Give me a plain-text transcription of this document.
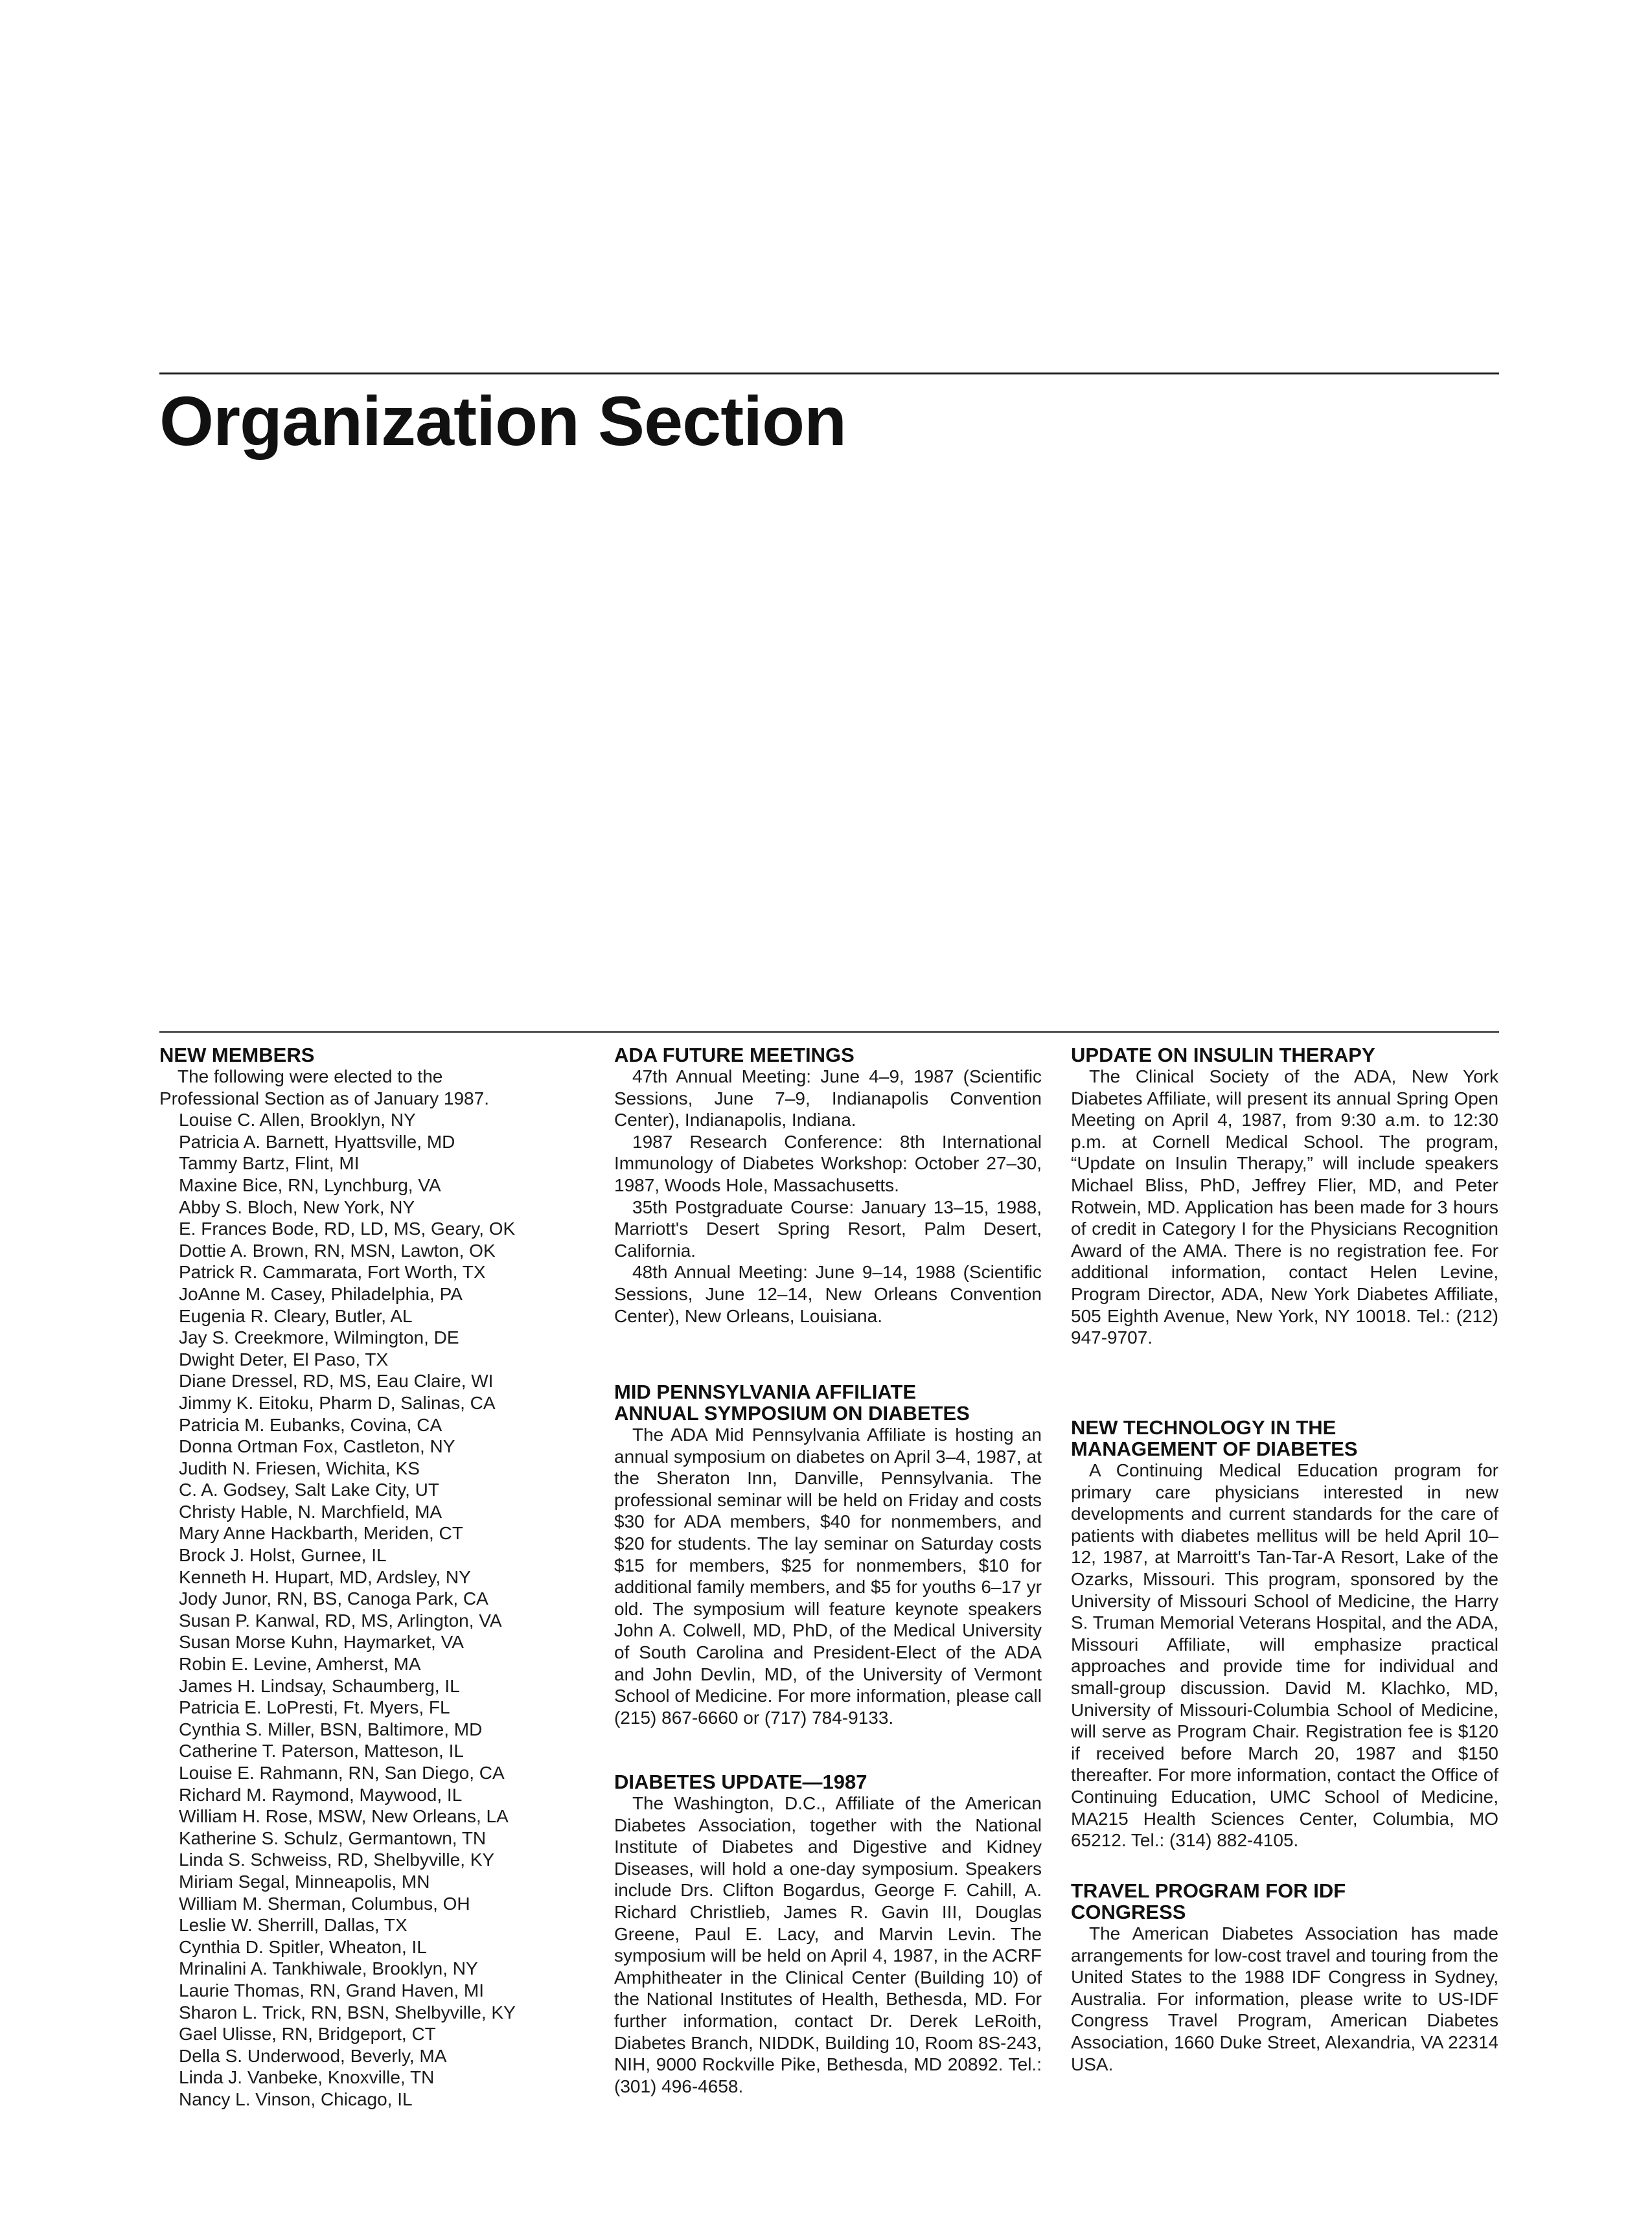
Organization Section
NEW MEMBERS

The following were elected to the Professional Section as of January 1987.

Louise C. Allen, Brooklyn, NY
Patricia A. Barnett, Hyattsville, MD
Tammy Bartz, Flint, MI
Maxine Bice, RN, Lynchburg, VA
Abby S. Bloch, New York, NY
E. Frances Bode, RD, LD, MS, Geary, OK
Dottie A. Brown, RN, MSN, Lawton, OK
Patrick R. Cammarata, Fort Worth, TX
JoAnne M. Casey, Philadelphia, PA
Eugenia R. Cleary, Butler, AL
Jay S. Creekmore, Wilmington, DE
Dwight Deter, El Paso, TX
Diane Dressel, RD, MS, Eau Claire, WI
Jimmy K. Eitoku, Pharm D, Salinas, CA
Patricia M. Eubanks, Covina, CA
Donna Ortman Fox, Castleton, NY
Judith N. Friesen, Wichita, KS
C. A. Godsey, Salt Lake City, UT
Christy Hable, N. Marchfield, MA
Mary Anne Hackbarth, Meriden, CT
Brock J. Holst, Gurnee, IL
Kenneth H. Hupart, MD, Ardsley, NY
Jody Junor, RN, BS, Canoga Park, CA
Susan P. Kanwal, RD, MS, Arlington, VA
Susan Morse Kuhn, Haymarket, VA
Robin E. Levine, Amherst, MA
James H. Lindsay, Schaumberg, IL
Patricia E. LoPresti, Ft. Myers, FL
Cynthia S. Miller, BSN, Baltimore, MD
Catherine T. Paterson, Matteson, IL
Louise E. Rahmann, RN, San Diego, CA
Richard M. Raymond, Maywood, IL
William H. Rose, MSW, New Orleans, LA
Katherine S. Schulz, Germantown, TN
Linda S. Schweiss, RD, Shelbyville, KY
Miriam Segal, Minneapolis, MN
William M. Sherman, Columbus, OH
Leslie W. Sherrill, Dallas, TX
Cynthia D. Spitler, Wheaton, IL
Mrinalini A. Tankhiwale, Brooklyn, NY
Laurie Thomas, RN, Grand Haven, MI
Sharon L. Trick, RN, BSN, Shelbyville, KY
Gael Ulisse, RN, Bridgeport, CT
Della S. Underwood, Beverly, MA
Linda J. Vanbeke, Knoxville, TN
Nancy L. Vinson, Chicago, IL
ADA FUTURE MEETINGS

47th Annual Meeting: June 4–9, 1987 (Scientific Sessions, June 7–9, Indianapolis Convention Center), Indianapolis, Indiana.

1987 Research Conference: 8th International Immunology of Diabetes Workshop: October 27–30, 1987, Woods Hole, Massachusetts.

35th Postgraduate Course: January 13–15, 1988, Marriott's Desert Spring Resort, Palm Desert, California.

48th Annual Meeting: June 9–14, 1988 (Scientific Sessions, June 12–14, New Orleans Convention Center), New Orleans, Louisiana.

MID PENNSYLVANIA AFFILIATE
ANNUAL SYMPOSIUM ON DIABETES

The ADA Mid Pennsylvania Affiliate is hosting an annual symposium on diabetes on April 3–4, 1987, at the Sheraton Inn, Danville, Pennsylvania. The professional seminar will be held on Friday and costs $30 for ADA members, $40 for nonmembers, and $20 for students. The lay seminar on Saturday costs $15 for members, $25 for nonmembers, $10 for additional family members, and $5 for youths 6–17 yr old. The symposium will feature keynote speakers John A. Colwell, MD, PhD, of the Medical University of South Carolina and President-Elect of the ADA and John Devlin, MD, of the University of Vermont School of Medicine. For more information, please call (215) 867-6660 or (717) 784-9133.

DIABETES UPDATE—1987

The Washington, D.C., Affiliate of the American Diabetes Association, together with the National Institute of Diabetes and Digestive and Kidney Diseases, will hold a one-day symposium. Speakers include Drs. Clifton Bogardus, George F. Cahill, A. Richard Christlieb, James R. Gavin III, Douglas Greene, Paul E. Lacy, and Marvin Levin. The symposium will be held on April 4, 1987, in the ACRF Amphitheater in the Clinical Center (Building 10) of the National Institutes of Health, Bethesda, MD. For further information, contact Dr. Derek LeRoith, Diabetes Branch, NIDDK, Building 10, Room 8S-243, NIH, 9000 Rockville Pike, Bethesda, MD 20892. Tel.: (301) 496-4658.

UPDATE ON INSULIN THERAPY

The Clinical Society of the ADA, New York Diabetes Affiliate, will present its annual Spring Open Meeting on April 4, 1987, from 9:30 a.m. to 12:30 p.m. at Cornell Medical School. The program, “Update on Insulin Therapy,” will include speakers Michael Bliss, PhD, Jeffrey Flier, MD, and Peter Rotwein, MD. Application has been made for 3 hours of credit in Category I for the Physicians Recognition Award of the AMA. There is no registration fee. For additional information, contact Helen Levine, Program Director, ADA, New York Diabetes Affiliate, 505 Eighth Avenue, New York, NY 10018. Tel.: (212) 947-9707.

NEW TECHNOLOGY IN THE
MANAGEMENT OF DIABETES

A Continuing Medical Education program for primary care physicians interested in new developments and current standards for the care of patients with diabetes mellitus will be held April 10–12, 1987, at Marroitt's Tan-Tar-A Resort, Lake of the Ozarks, Missouri. This program, sponsored by the University of Missouri School of Medicine, the Harry S. Truman Memorial Veterans Hospital, and the ADA, Missouri Affiliate, will emphasize practical approaches and provide time for individual and small-group discussion. David M. Klachko, MD, University of Missouri-Columbia School of Medicine, will serve as Program Chair. Registration fee is $120 if received before March 20, 1987 and $150 thereafter. For more information, contact the Office of Continuing Education, UMC School of Medicine, MA215 Health Sciences Center, Columbia, MO 65212. Tel.: (314) 882-4105.

TRAVEL PROGRAM FOR IDF
CONGRESS

The American Diabetes Association has made arrangements for low-cost travel and touring from the United States to the 1988 IDF Congress in Sydney, Australia. For information, please write to US-IDF Congress Travel Program, American Diabetes Association, 1660 Duke Street, Alexandria, VA 22314 USA.
